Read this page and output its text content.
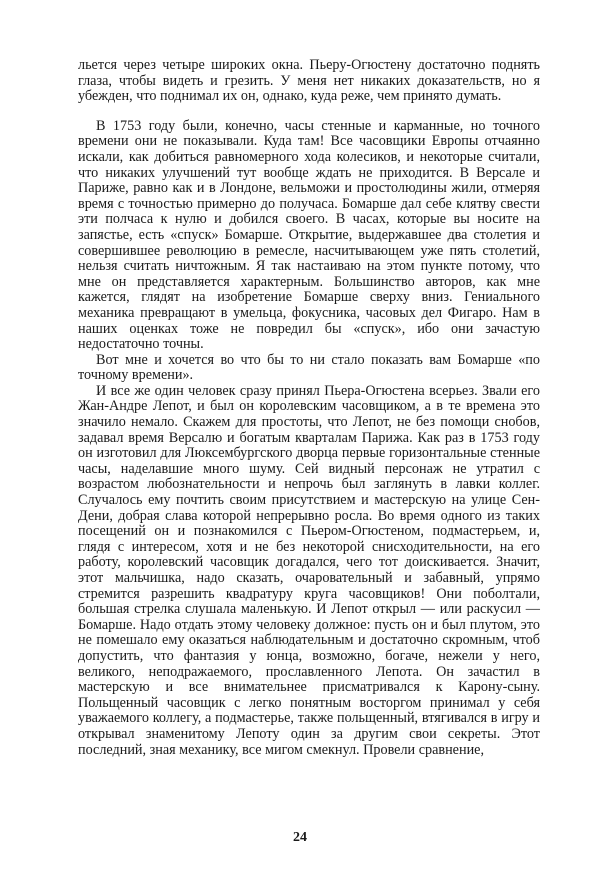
льется через четыре широких окна. Пьеру-Огюстену достаточно поднять глаза, чтобы видеть и грезить. У меня нет никаких доказательств, но я убежден, что поднимал их он, однако, куда реже, чем принято думать.

В 1753 году были, конечно, часы стенные и карманные, но точного времени они не показывали. Куда там! Все часовщики Европы отчаянно искали, как добиться равномерного хода колесиков, и некоторые считали, что никаких улучшений тут вообще ждать не приходится. В Версале и Париже, равно как и в Лондоне, вельможи и простолюдины жили, отмеряя время с точностью примерно до получаса. Бомарше дал себе клятву свести эти полчаса к нулю и добился своего. В часах, которые вы носите на запястье, есть «спуск» Бомарше. Открытие, выдержавшее два столетия и совершившее революцию в ремесле, насчитывающем уже пять столетий, нельзя считать ничтожным. Я так настаиваю на этом пункте потому, что мне он представляется характерным. Большинство авторов, как мне кажется, глядят на изобретение Бомарше сверху вниз. Гениального механика превращают в умельца, фокусника, часовых дел Фигаро. Нам в наших оценках тоже не повредил бы «спуск», ибо они зачастую недостаточно точны.

Вот мне и хочется во что бы то ни стало показать вам Бомарше «по точному времени».

И все же один человек сразу принял Пьера-Огюстена всерьез. Звали его Жан-Андре Лепот, и был он королевским часовщиком, а в те времена это значило немало. Скажем для простоты, что Лепот, не без помощи снобов, задавал время Версалю и богатым кварталам Парижа. Как раз в 1753 году он изготовил для Люксембургского дворца первые горизонтальные стенные часы, наделавшие много шуму. Сей видный персонаж не утратил с возрастом любознательности и непрочь был заглянуть в лавки коллег. Случалось ему почтить своим присутствием и мастерскую на улице Сен-Дени, добрая слава которой непрерывно росла. Во время одного из таких посещений он и познакомился с Пьером-Огюстеном, подмастерьем, и, глядя с интересом, хотя и не без некоторой снисходительности, на его работу, королевский часовщик догадался, чего тот доискивается. Значит, этот мальчишка, надо сказать, очаровательный и забавный, упрямо стремится разрешить квадратуру круга часовщиков! Они поболтали, большая стрелка слушала маленькую. И Лепот открыл — или раскусил — Бомарше. Надо отдать этому человеку должное: пусть он и был плутом, это не помешало ему оказаться наблюдательным и достаточно скромным, чтоб допустить, что фантазия у юнца, возможно, богаче, нежели у него, великого, неподражаемого, прославленного Лепота. Он зачастил в мастерскую и все внимательнее присматривался к Карону-сыну. Польщенный часовщик с легко понятным восторгом принимал у себя уважаемого коллегу, а подмастерье, также польщенный, втягивался в игру и открывал знаменитому Лепоту один за другим свои секреты. Этот последний, зная механику, все мигом смекнул. Провели сравнение,

24
